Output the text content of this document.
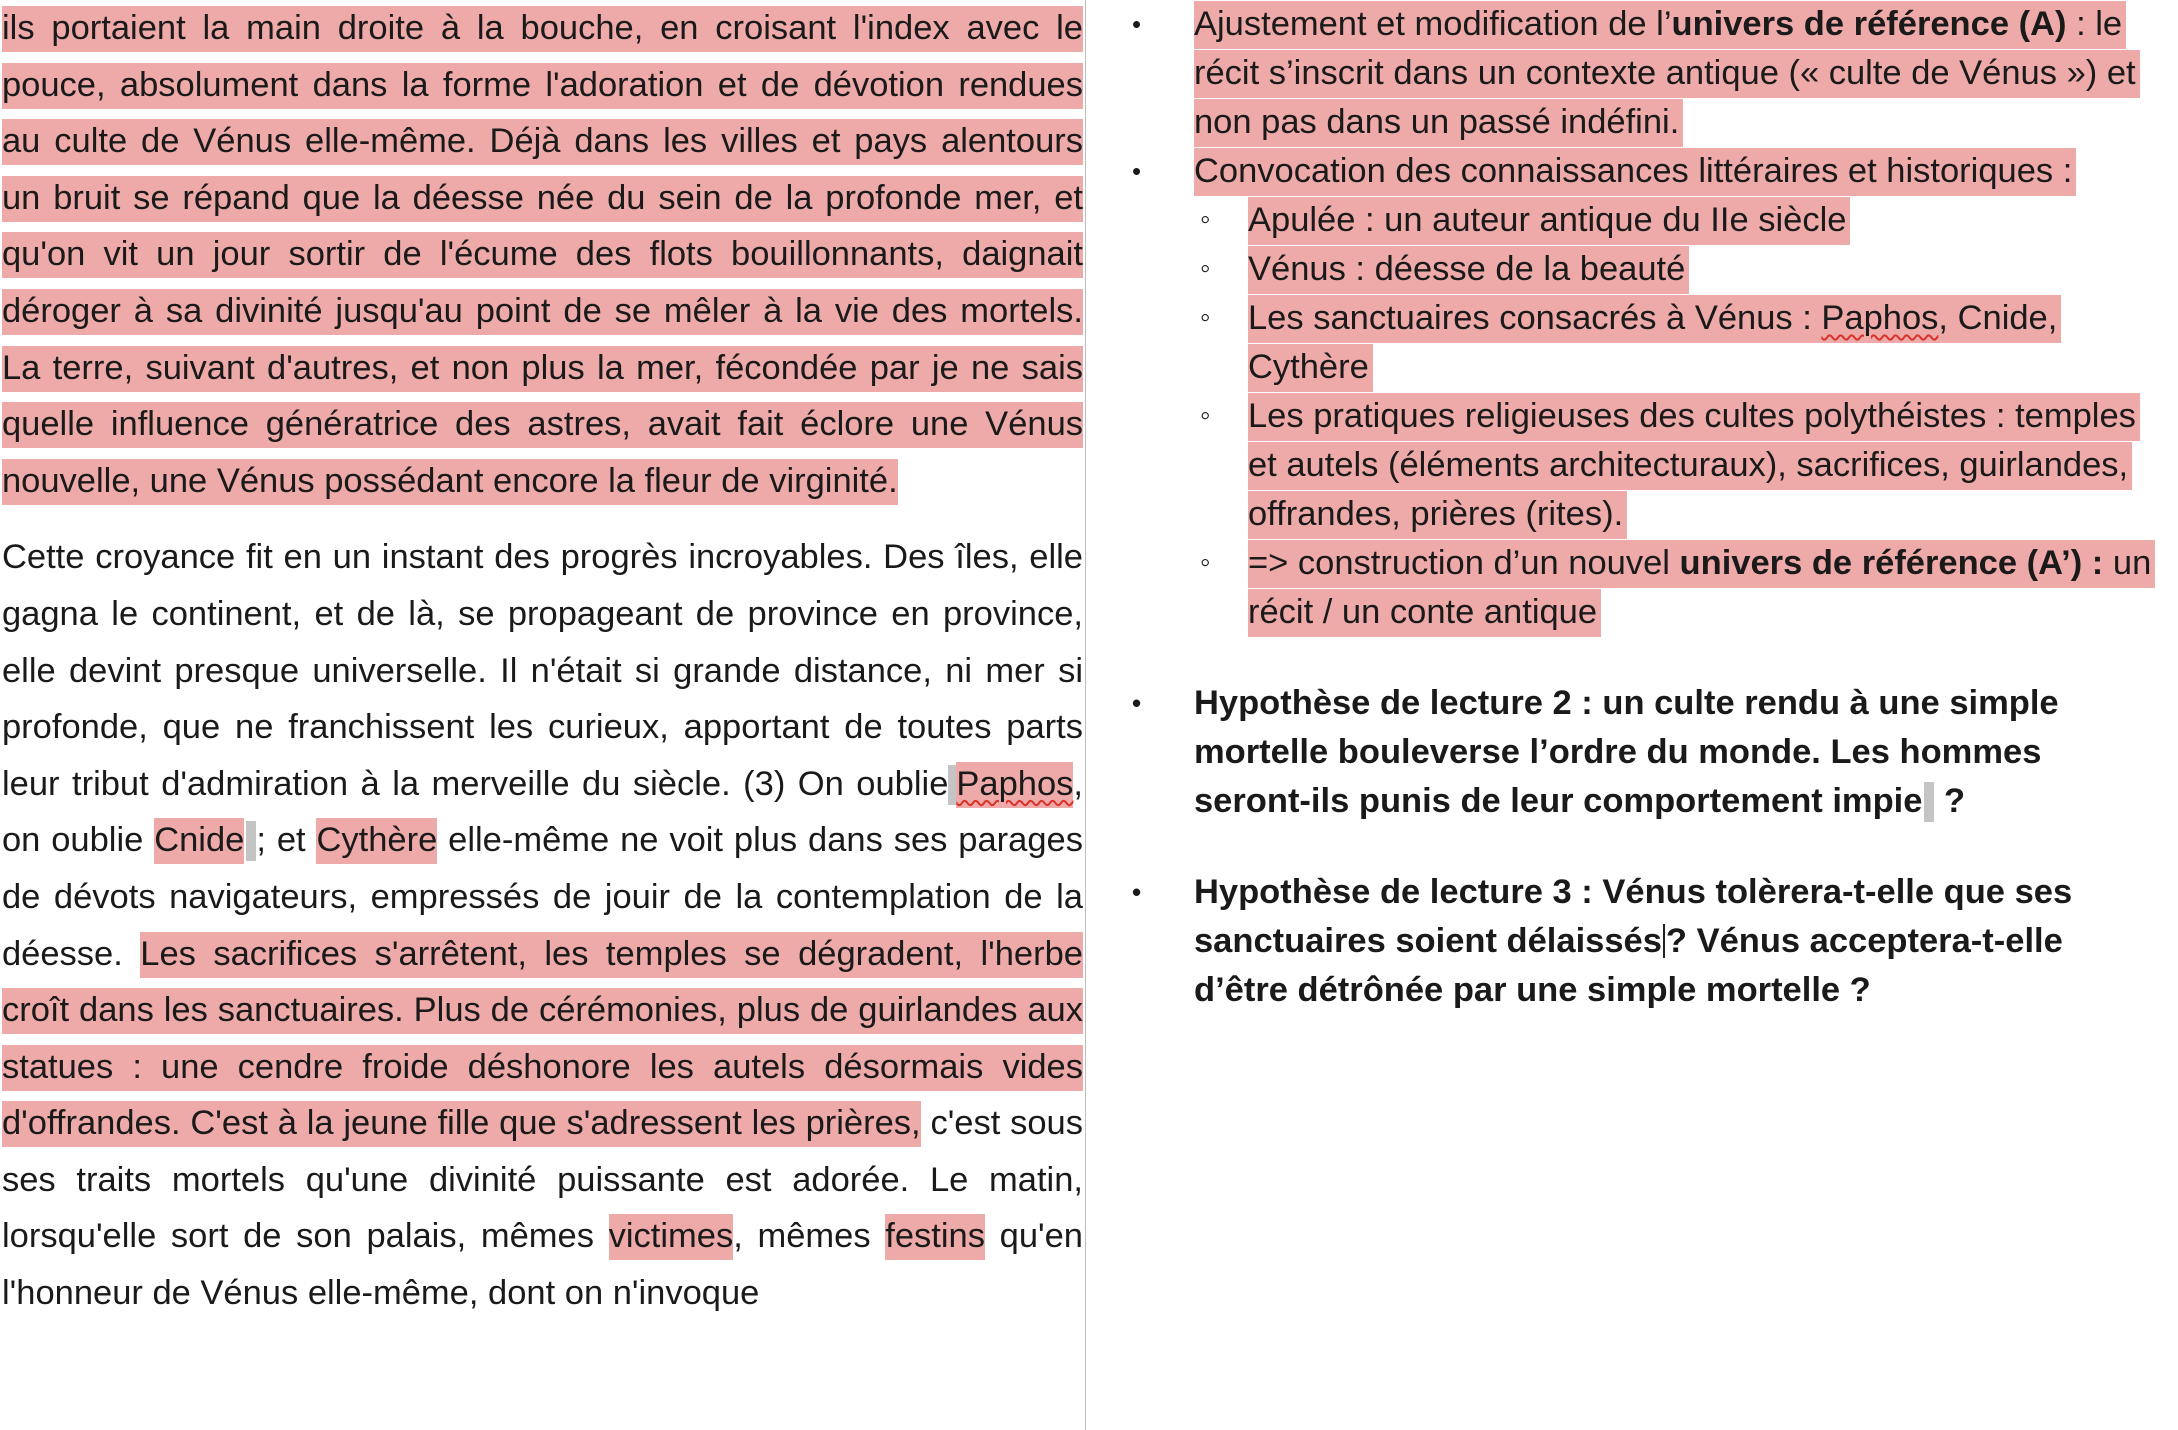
ils portaient la main droite à la bouche, en croisant l'index avec le pouce, absolument dans la forme l'adoration et de dévotion rendues au culte de Vénus elle-même. Déjà dans les villes et pays alentours un bruit se répand que la déesse née du sein de la profonde mer, et qu'on vit un jour sortir de l'écume des flots bouillonnants, daignait déroger à sa divinité jusqu'au point de se mêler à la vie des mortels. La terre, suivant d'autres, et non plus la mer, fécondée par je ne sais quelle influence génératrice des astres, avait fait éclore une Vénus nouvelle, une Vénus possédant encore la fleur de virginité.

Cette croyance fit en un instant des progrès incroyables. Des îles, elle gagna le continent, et de là, se propageant de province en province, elle devint presque universelle. Il n'était si grande distance, ni mer si profonde, que ne franchissent les curieux, apportant de toutes parts leur tribut d'admiration à la merveille du siècle. (3) On oublie Paphos, on oublie Cnide ; et Cythère elle-même ne voit plus dans ses parages de dévots navigateurs, empressés de jouir de la contemplation de la déesse. Les sacrifices s'arrêtent, les temples se dégradent, l'herbe croît dans les sanctuaires. Plus de cérémonies, plus de guirlandes aux statues : une cendre froide déshonore les autels désormais vides d'offrandes. C'est à la jeune fille que s'adressent les prières, c'est sous ses traits mortels qu'une divinité puissante est adorée. Le matin, lorsqu'elle sort de son palais, mêmes victimes, mêmes festins qu'en l'honneur de Vénus elle-même, dont on n'invoque

• Ajustement et modification de l’univers de référence (A) : le récit s’inscrit dans un contexte antique (« culte de Vénus ») et non pas dans un passé indéfini.
• Convocation des connaissances littéraires et historiques :
◦ Apulée : un auteur antique du IIe siècle
◦ Vénus : déesse de la beauté
◦ Les sanctuaires consacrés à Vénus : Paphos, Cnide, Cythère
◦ Les pratiques religieuses des cultes polythéistes : temples et autels (éléments architecturaux), sacrifices, guirlandes, offrandes, prières (rites).
◦ => construction d’un nouvel univers de référence (A’) : un récit / un conte antique
• Hypothèse de lecture 2 : un culte rendu à une simple mortelle bouleverse l’ordre du monde. Les hommes seront-ils punis de leur comportement impie ?
• Hypothèse de lecture 3 : Vénus tolèrera-t-elle que ses sanctuaires soient délaissés ? Vénus acceptera-t-elle d’être détrônée par une simple mortelle ?
